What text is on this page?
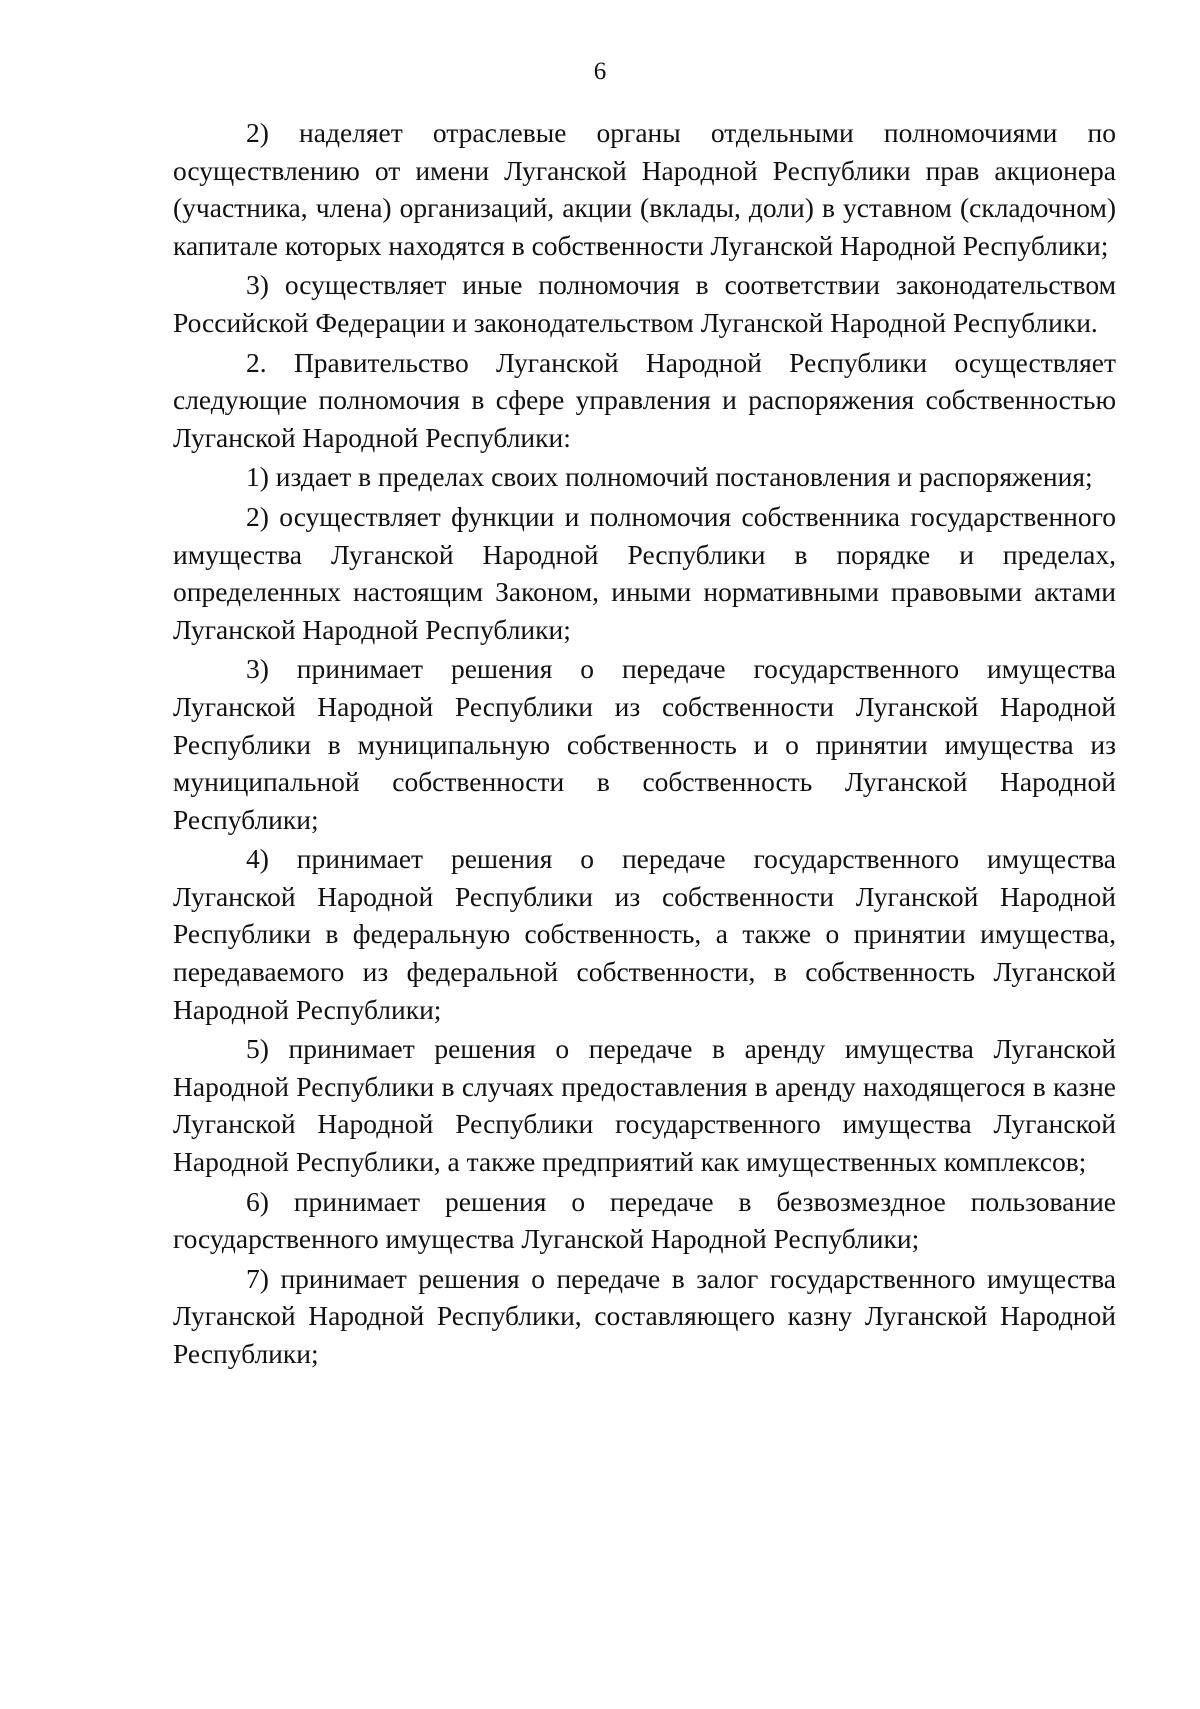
6

2) наделяет отраслевые органы отдельными полномочиями по осуществлению от имени Луганской Народной Республики прав акционера (участника, члена) организаций, акции (вклады, доли) в уставном (складочном) капитале которых находятся в собственности Луганской Народной Республики;

3) осуществляет иные полномочия в соответствии законодательством Российской Федерации и законодательством Луганской Народной Республики.

2. Правительство Луганской Народной Республики осуществляет следующие полномочия в сфере управления и распоряжения собственностью Луганской Народной Республики:

1) издает в пределах своих полномочий постановления и распоряжения;

2) осуществляет функции и полномочия собственника государственного имущества Луганской Народной Республики в порядке и пределах, определенных настоящим Законом, иными нормативными правовыми актами Луганской Народной Республики;

3) принимает решения о передаче государственного имущества Луганской Народной Республики из собственности Луганской Народной Республики в муниципальную собственность и о принятии имущества из муниципальной собственности в собственность Луганской Народной Республики;

4) принимает решения о передаче государственного имущества Луганской Народной Республики из собственности Луганской Народной Республики в федеральную собственность, а также о принятии имущества, передаваемого из федеральной собственности, в собственность Луганской Народной Республики;

5) принимает решения о передаче в аренду имущества Луганской Народной Республики в случаях предоставления в аренду находящегося в казне Луганской Народной Республики государственного имущества Луганской Народной Республики, а также предприятий как имущественных комплексов;

6) принимает решения о передаче в безвозмездное пользование государственного имущества Луганской Народной Республики;

7) принимает решения о передаче в залог государственного имущества Луганской Народной Республики, составляющего казну Луганской Народной Республики;
